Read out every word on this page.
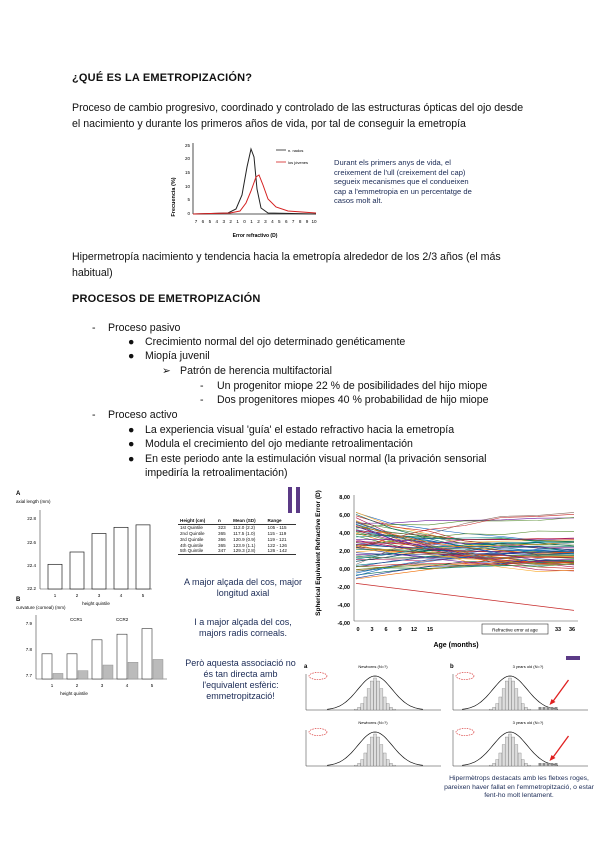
¿QUÉ ES LA EMETROPIZACIÓN?
Proceso de cambio progresivo, coordinado y controlado de las estructuras ópticas del ojo desde el nacimiento y durante los primeros años de vida, por tal de conseguir la emetropía
Frecuencia (%)
25
20
15
10
5
0
7 6 5 4 3 2 1 0 1 2 3 4 5 6 7 8 9 10
Error refractivo (D)
n. nados
los jóvenes	Durant els primers anys de vida, el creixement de l'ull (creixement del cap) segueix mecanismes que el condueixen cap a l'emmetropia en un percentatge de casos molt alt.
Hipermetropía nacimiento y tendencia hacia la emetropía alrededor de los 2/3 años (el más habitual)
PROCESOS DE EMETROPIZACIÓN
- Proceso pasivo
● Crecimiento normal del ojo determinado genéticamente
● Miopía juvenil
➢ Patrón de herencia multifactorial
- Un progenitor miope 22 % de posibilidades del hijo miope
- Dos progenitores miopes 40 % probabilidad de hijo miope
- Proceso activo
● La experiencia visual 'guía' el estado refractivo hacia la emetropía
● Modula el crecimiento del ojo mediante retroalimentación
● En este periodo ante la estimulación visual normal (la privación sensorial impediría la retroalimentación)
A
axial length (mm)
22.8
22.6
22.4
22.2
1	2	3	4	5
height quintile
B
curvature (corneal) (mm)
7.9
7.8
7.7
CCR1	CCR2
1	2	3	4	5
height quintile
Height (cm)	n	Mean (SD)	Range
1st Quintile	323	112.0 (2.2)	105 - 115
2nd Quintile	365	117.5 (1.0)	115 - 119
3rd Quintile	366	120.9 (0.9)	119 - 121
4th Quintile	365	123.9 (1.1)	122 - 126
5th Quintile	347	129.3 (2.8)	126 - 142
A major alçada del cos, major longitud axial
I a major alçada del cos, majors radis corneals.
Però aquesta associació no és tan directa amb l'equivalent esfèric: emmetropització!
Spherical Equivalent Refractive Error (D)	8,00
6,00
4,00
2,00
0,00
-2,00
-4,00
-6,00
0 3 6 9 12 15	33 36
Refractive error at age
Age (months)
Newborns (N=?)	3 years old (N=?)
Newborns (N=?)	3 years old (N=?)
a	b
Hipermètrops destacats amb les fletxes roges, pareixen haver fallat en l'emmetropització, o estar fent-ho molt lentament.
